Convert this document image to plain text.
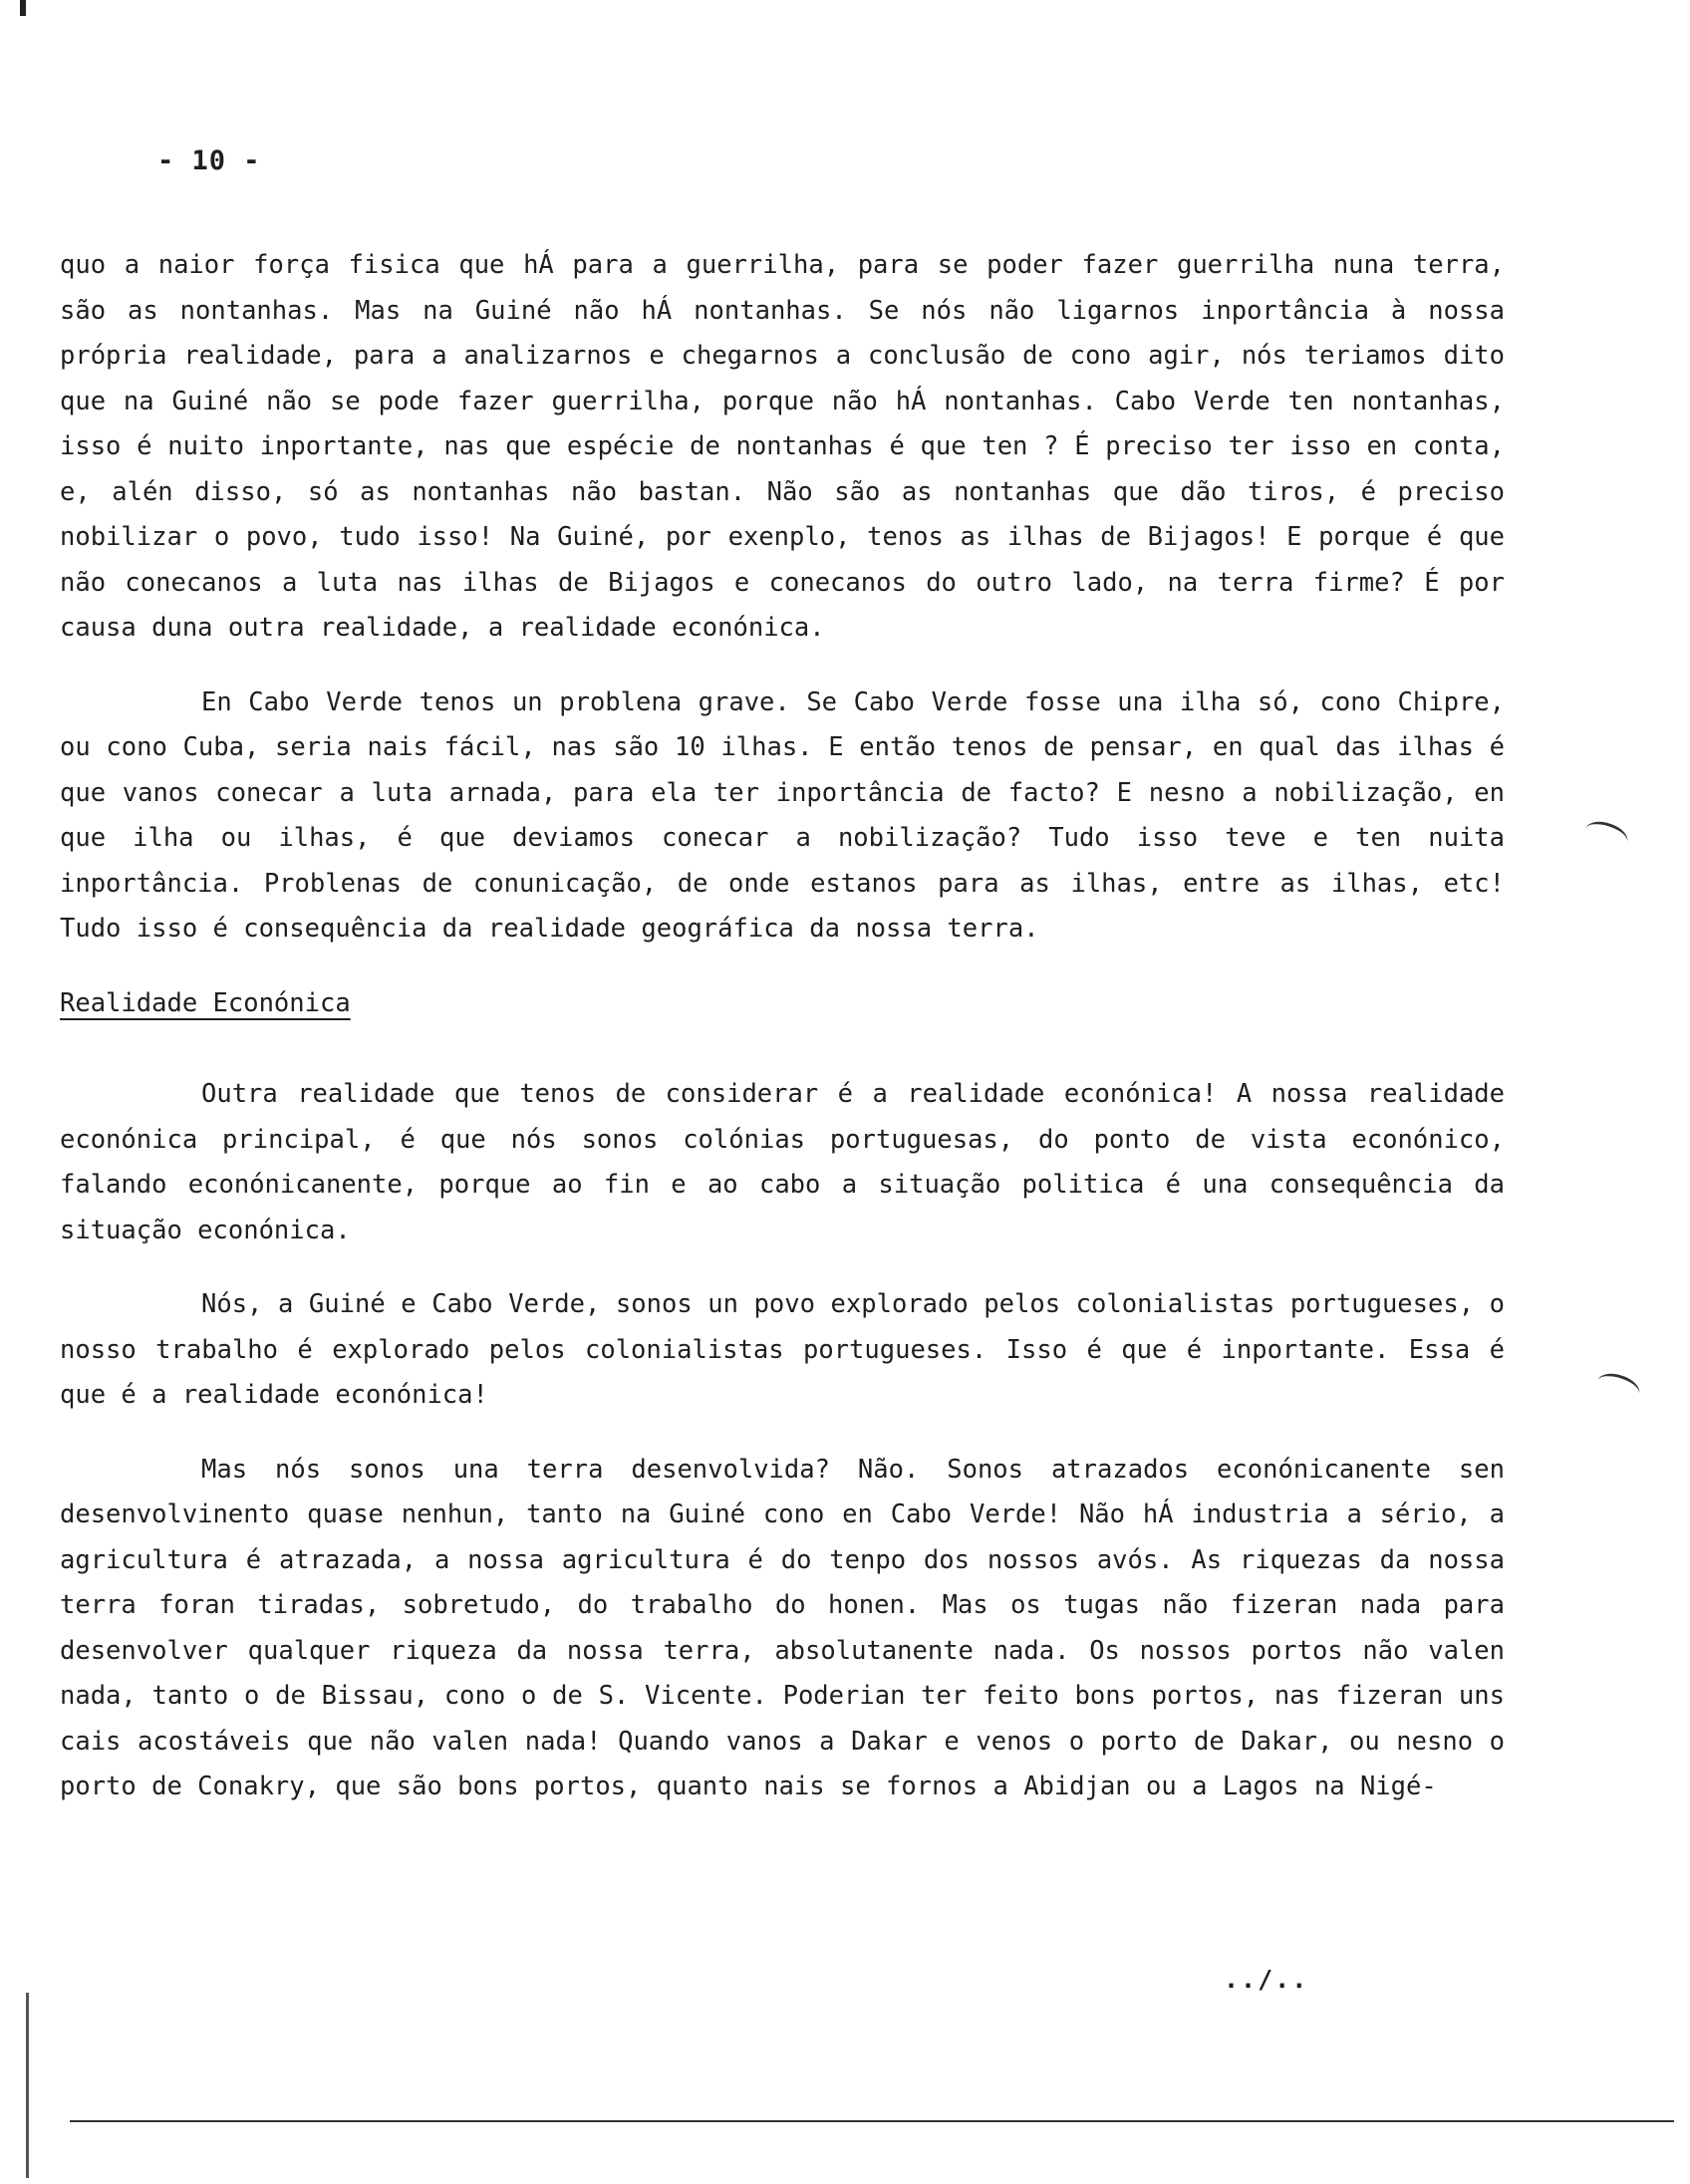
- 10 -

quo a naior força fisica que hÁ para a guerrilha, para se poder fazer guerrilha nuna terra, são as nontanhas. Mas na Guiné não hÁ nontanhas. Se nós não ligarnos inportância à nossa própria realidade, para a analizarnos e chegarnos a conclusão de cono agir, nós teriamos dito que na Guiné não se pode fazer guerrilha, porque não hÁ nontanhas. Cabo Verde ten nontanhas, isso é nuito inportante, nas que espécie de nontanhas é que ten ? É preciso ter isso en conta, e, alén disso, só as nontanhas não bastan. Não são as nontanhas que dão tiros, é preciso nobilizar o povo, tudo isso! Na Guiné, por exenplo, tenos as ilhas de Bijagos! E porque é que não conecanos a luta nas ilhas de Bijagos e conecanos do outro lado, na terra firme? É por causa duna outra realidade, a realidade econónica.

En Cabo Verde tenos un problena grave. Se Cabo Verde fosse una ilha só, cono Chipre, ou cono Cuba, seria nais fácil, nas são 10 ilhas. E então tenos de pensar, en qual das ilhas é que vanos conecar a luta arnada, para ela ter inportância de facto? E nesno a nobilização, en que ilha ou ilhas, é que deviamos conecar a nobilização? Tudo isso teve e ten nuita inportância. Problenas de conunicação, de onde estanos para as ilhas, entre as ilhas, etc! Tudo isso é consequência da realidade geográfica da nossa terra.

Realidade Econónica

Outra realidade que tenos de considerar é a realidade econónica! A nossa realidade econónica principal, é que nós sonos colónias portuguesas, do ponto de vista econónico, falando econónicanente, porque ao fin e ao cabo a situação politica é una consequência da situação econónica.

Nós, a Guiné e Cabo Verde, sonos un povo explorado pelos colonialistas portugueses, o nosso trabalho é explorado pelos colonialistas portugueses. Isso é que é inportante. Essa é que é a realidade econónica!

Mas nós sonos una terra desenvolvida? Não. Sonos atrazados econónicanente sen desenvolvinento quase nenhun, tanto na Guiné cono en Cabo Verde! Não hÁ industria a sério, a agricultura é atrazada, a nossa agricultura é do tenpo dos nossos avós. As riquezas da nossa terra foran tiradas, sobretudo, do trabalho do honen. Mas os tugas não fizeran nada para desenvolver qualquer riqueza da nossa terra, absolutanente nada. Os nossos portos não valen nada, tanto o de Bissau, cono o de S. Vicente. Poderian ter feito bons portos, nas fizeran uns cais acostáveis que não valen nada! Quando vanos a Dakar e venos o porto de Dakar, ou nesno o porto de Conakry, que são bons portos, quanto nais se fornos a Abidjan ou a Lagos na Nigé-

../..
